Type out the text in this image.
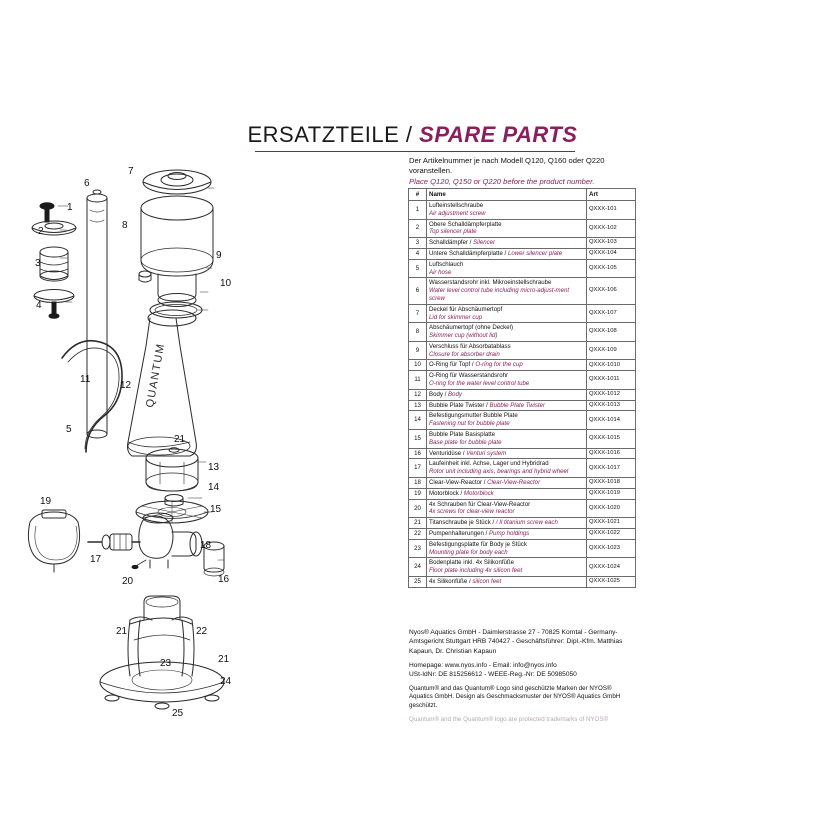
ERSATZTEILE / SPARE PARTS
Der Artikelnummer je nach Modell Q120, Q160 oder Q220 voranstellen.
Place Q120, Q150 or Q220 before the product number.
#	Name	Art
1	Lufteinstellschraube
Air adjustment screw	QXXX-101
2	Obere Schalldämpferplatte
Top silencer plate	QXXX-102
3	Schalldämpfer / Silencer	QXXX-103
4	Untere Schalldämpferplatte / Lower silencer plate	QXXX-104
5	Luftschlauch
Air hose	QXXX-105
6	Wasserstandsrohr inkl. Mikroeinstellschraube
Water level control tube including micro-adjust-ment screw	QXXX-106
7	Deckel für Abschäumertopf
Lid for skimmer cup	QXXX-107
8	Abschäumertopf (ohne Deckel)
Skimmer cup (without lid)	QXXX-108
9	Verschluss für Absorbatablass
Closure for absorber drain	QXXX-109
10	O-Ring für Topf / O-ring for the cup	QXXX-1010
11	O-Ring für Wasserstandsrohr
O-ring for the water level control tube	QXXX-1011
12	Body / Body	QXXX-1012
13	Bubble Plate Twister / Bubble Plate Twister	QXXX-1013
14	Befestigungsmutter Bubble Plate
Fastening nut for bubble plate	QXXX-1014
15	Bubble Plate Basisplatte
Base plate for bubble plate	QXXX-1015
16	Venturidüse / Venturi system	QXXX-1016
17	Laufeinheit inkl. Achse, Lager und Hybridrad
Rotor unit including axis, bearings and hybrid wheel	QXXX-1017
18	Clear-View-Reactor / Clear-View-Reactor	QXXX-1018
19	Motorblock / Motorblock	QXXX-1019
20	4x Schrauben für Clear-View-Reactor
4x screws for clear-view reactor	QXXX-1020
21	Titanschraube je Stück / / Il titanium screw each	QXXX-1021
22	Pumpenhalterungen / Pump holdings	QXXX-1022
23	Befestigungsplatte für Body je Stück
Mounting plate for body each	QXXX-1023
24	Bodenplatte inkl. 4x Silikonfüße
Floor plate including 4x silicon feet	QXXX-1024
25	4x Silikonfüße / silicon feet	QXXX-1025
Nyos® Aquatics GmbH - Daimlerstrasse 27 - 70825 Korntal - Germany- Amtsgericht Stuttgart HRB 740427 - Geschäftsführer: Dipl.-Kfm. Matthias Kapaun, Dr. Christian Kapaun
Homepage: www.nyos.info - Email: info@nyos.info
USt-IdNr: DE 815256612 - WEEE-Reg.-Nr: DE 50985050
Quantum® and das Quantum® Logo sind geschützte Marken der NYOS® Aquatics GmbH. Design als Geschmacksmuster der NYOS® Aquatics GmbH geschützt.
Quantum® and the Quantum® logo are protected trademarks of NYOS®
QUANTUM
1
2
3
4
5
6
7
8
9
10
11
12
13
14
15
16
17
18
19
20
21
21	22
23	21
24
25
